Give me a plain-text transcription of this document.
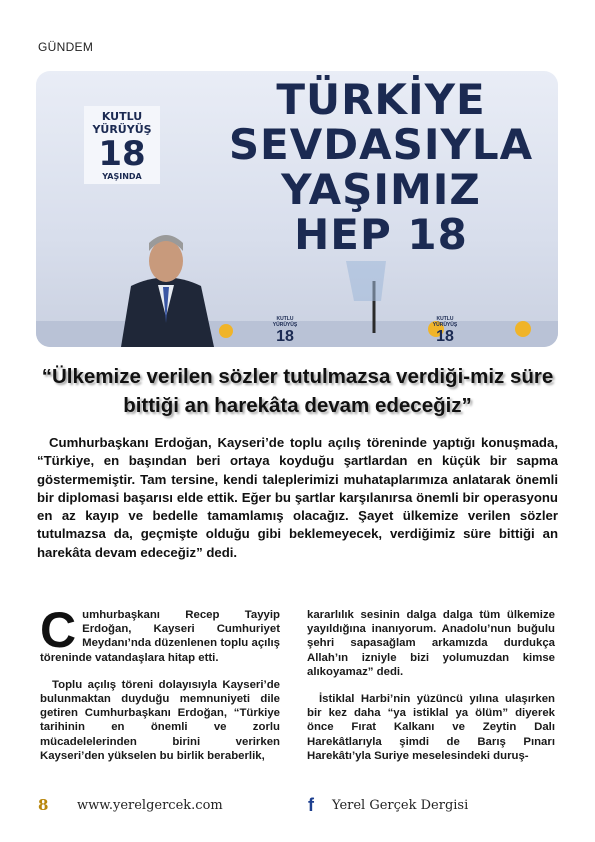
GÜNDEM
KUTLU
YÜRÜYÜŞ
18
YAŞINDA
TÜRKİYE
SEVDASIYLA
YAŞIMIZ
HEP 18
KUTLU
YÜRÜYÜŞ
18
KUTLU
YÜRÜYÜŞ
18
“Ülkemize verilen sözler tutulmazsa verdiği-miz süre bittiği an harekâta devam edeceğiz”

Cumhurbaşkanı Erdoğan, Kayseri’de toplu açılış töreninde yaptığı konuşmada, “Türkiye, en başından beri ortaya koyduğu şartlardan en küçük bir sapma göstermemiştir. Tam tersine, kendi taleplerimizi muhataplarımıza anlatarak önemli bir diplomasi başarısı elde ettik. Eğer bu şartlar karşılanırsa önemli bir operasyonu en az kayıp ve bedelle tamamlamış olacağız. Şayet ülkemize verilen sözler tutulmazsa da, geçmişte olduğu gibi beklemeyecek, verdiğimiz süre bittiği an harekâta devam edeceğiz” dedi.

Cumhurbaşkanı Recep Tayyip Erdoğan, Kayseri Cumhuriyet Meydanı’nda düzenlenen toplu açılış töreninde vatandaşlara hitap etti.

Toplu açılış töreni dolayısıyla Kayseri’de bulunmaktan duyduğu memnuniyeti dile getiren Cumhurbaşkanı Erdoğan, “Türkiye tarihinin en önemli ve zorlu mücadelelerinden birini verirken Kayseri’den yükselen bu birlik beraberlik,

kararlılık sesinin dalga dalga tüm ülkemize yayıldığına inanıyorum. Anadolu’nun buğulu şehri sapasağlam arkamızda durdukça Allah’ın izniyle bizi yolumuzdan kimse alıkoyamaz” dedi.

İstiklal Harbi’nin yüzüncü yılına ulaşırken bir kez daha “ya istiklal ya ölüm” diyerek önce Fırat Kalkanı ve Zeytin Dalı Harekâtlarıyla şimdi de Barış Pınarı Harekâtı’yla Suriye meselesindeki duruş-

8 www.yerelgercek.com	f	Yerel Gerçek Dergisi
